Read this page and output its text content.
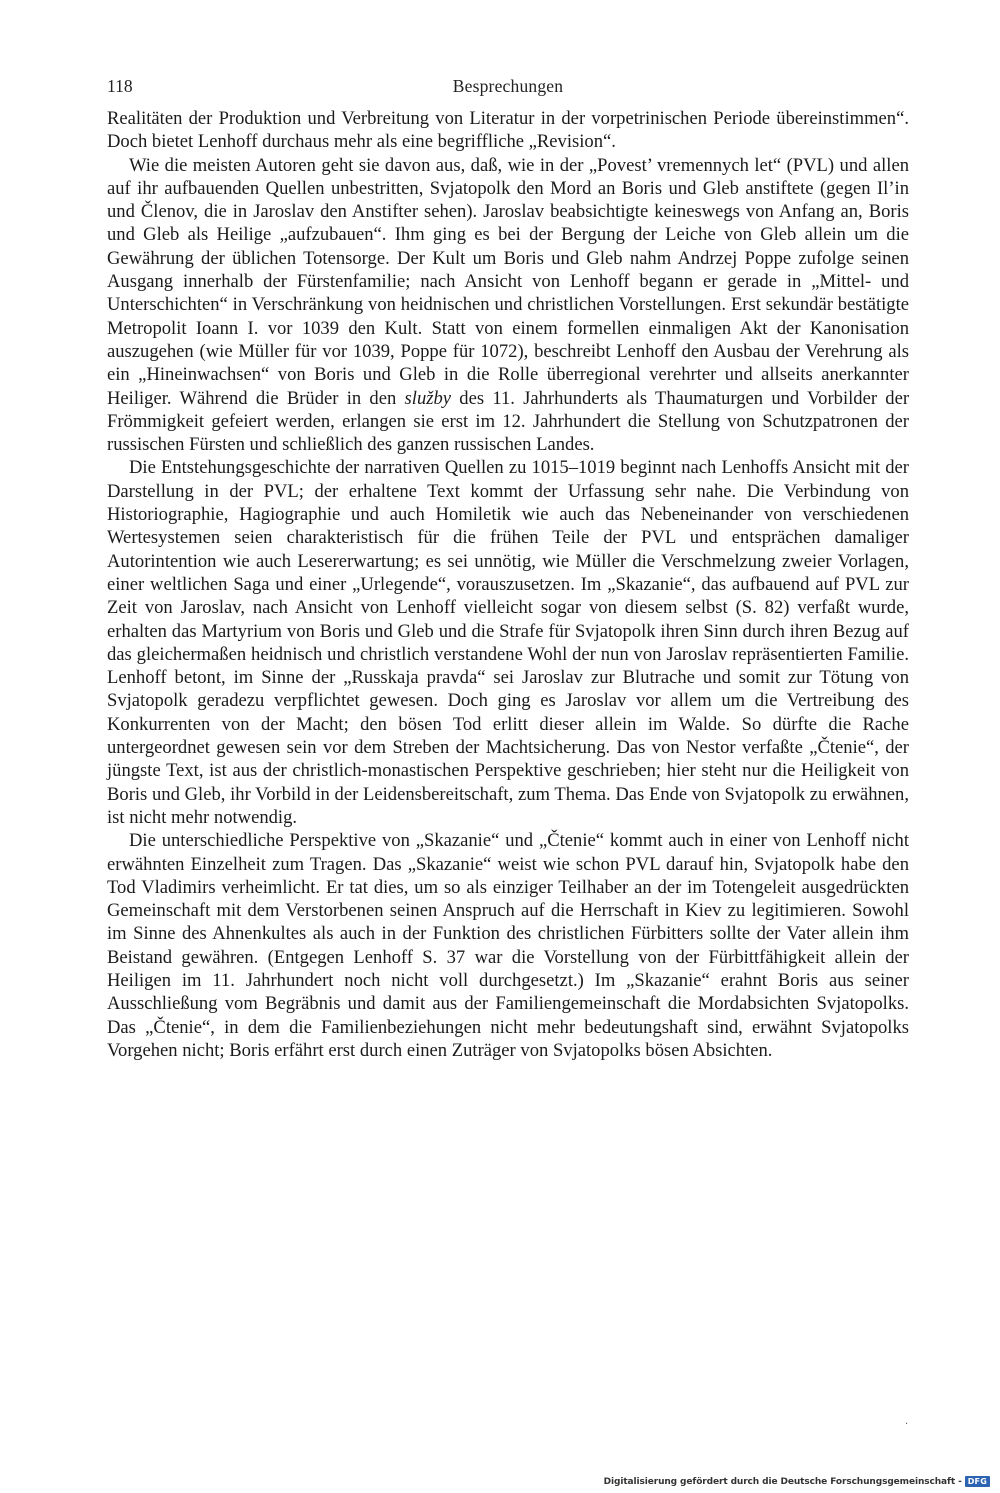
118	Besprechungen

Realitäten der Produktion und Verbreitung von Literatur in der vorpetrinischen Periode übereinstimmen“. Doch bietet Lenhoff durchaus mehr als eine begriffliche „Revision“.

Wie die meisten Autoren geht sie davon aus, daß, wie in der „Povest’ vremennych let“ (PVL) und allen auf ihr aufbauenden Quellen unbestritten, Svjatopolk den Mord an Boris und Gleb anstiftete (gegen Il’in und Členov, die in Jaroslav den Anstifter sehen). Jaroslav beabsichtigte keineswegs von Anfang an, Boris und Gleb als Heilige „aufzubauen“. Ihm ging es bei der Bergung der Leiche von Gleb allein um die Gewährung der üblichen Totensorge. Der Kult um Boris und Gleb nahm Andrzej Poppe zufolge seinen Ausgang innerhalb der Fürstenfamilie; nach Ansicht von Lenhoff begann er gerade in „Mittel- und Unterschichten“ in Verschränkung von heidnischen und christlichen Vorstellungen. Erst sekundär bestätigte Metropolit Ioann I. vor 1039 den Kult. Statt von einem formellen einmaligen Akt der Kanonisation auszugehen (wie Müller für vor 1039, Poppe für 1072), beschreibt Lenhoff den Ausbau der Verehrung als ein „Hineinwachsen“ von Boris und Gleb in die Rolle überregional verehrter und allseits anerkannter Heiliger. Während die Brüder in den služby des 11. Jahrhunderts als Thaumaturgen und Vorbilder der Frömmigkeit gefeiert werden, erlangen sie erst im 12. Jahrhundert die Stellung von Schutzpatronen der russischen Fürsten und schließlich des ganzen russischen Landes.

Die Entstehungsgeschichte der narrativen Quellen zu 1015–1019 beginnt nach Lenhoffs Ansicht mit der Darstellung in der PVL; der erhaltene Text kommt der Urfassung sehr nahe. Die Verbindung von Historiographie, Hagiographie und auch Homiletik wie auch das Nebeneinander von verschiedenen Wertesystemen seien charakteristisch für die frühen Teile der PVL und entsprächen damaliger Autorintention wie auch Lesererwartung; es sei unnötig, wie Müller die Verschmelzung zweier Vorlagen, einer weltlichen Saga und einer „Urlegende“, vorauszusetzen. Im „Skazanie“, das aufbauend auf PVL zur Zeit von Jaroslav, nach Ansicht von Lenhoff vielleicht sogar von diesem selbst (S. 82) verfaßt wurde, erhalten das Martyrium von Boris und Gleb und die Strafe für Svjatopolk ihren Sinn durch ihren Bezug auf das gleichermaßen heidnisch und christlich verstandene Wohl der nun von Jaroslav repräsentierten Familie. Lenhoff betont, im Sinne der „Russkaja pravda“ sei Jaroslav zur Blutrache und somit zur Tötung von Svjatopolk geradezu verpflichtet gewesen. Doch ging es Jaroslav vor allem um die Vertreibung des Konkurrenten von der Macht; den bösen Tod erlitt dieser allein im Walde. So dürfte die Rache untergeordnet gewesen sein vor dem Streben der Machtsicherung. Das von Nestor verfaßte „Čtenie“, der jüngste Text, ist aus der christlich-monastischen Perspektive geschrieben; hier steht nur die Heiligkeit von Boris und Gleb, ihr Vorbild in der Leidensbereitschaft, zum Thema. Das Ende von Svjatopolk zu erwähnen, ist nicht mehr notwendig.

Die unterschiedliche Perspektive von „Skazanie“ und „Čtenie“ kommt auch in einer von Lenhoff nicht erwähnten Einzelheit zum Tragen. Das „Skazanie“ weist wie schon PVL darauf hin, Svjatopolk habe den Tod Vladimirs verheimlicht. Er tat dies, um so als einziger Teilhaber an der im Totengeleit ausgedrückten Gemeinschaft mit dem Verstorbenen seinen Anspruch auf die Herrschaft in Kiev zu legitimieren. Sowohl im Sinne des Ahnenkultes als auch in der Funktion des christlichen Fürbitters sollte der Vater allein ihm Beistand gewähren. (Entgegen Lenhoff S. 37 war die Vorstellung von der Fürbittfähigkeit allein der Heiligen im 11. Jahrhundert noch nicht voll durchgesetzt.) Im „Skazanie“ erahnt Boris aus seiner Ausschließung vom Begräbnis und damit aus der Familiengemeinschaft die Mordabsichten Svjatopolks. Das „Čtenie“, in dem die Familienbeziehungen nicht mehr bedeutungshaft sind, erwähnt Svjatopolks Vorgehen nicht; Boris erfährt erst durch einen Zuträger von Svjatopolks bösen Absichten.

·
Digitalisierung gefördert durch die Deutsche Forschungsgemeinschaft - DFG
